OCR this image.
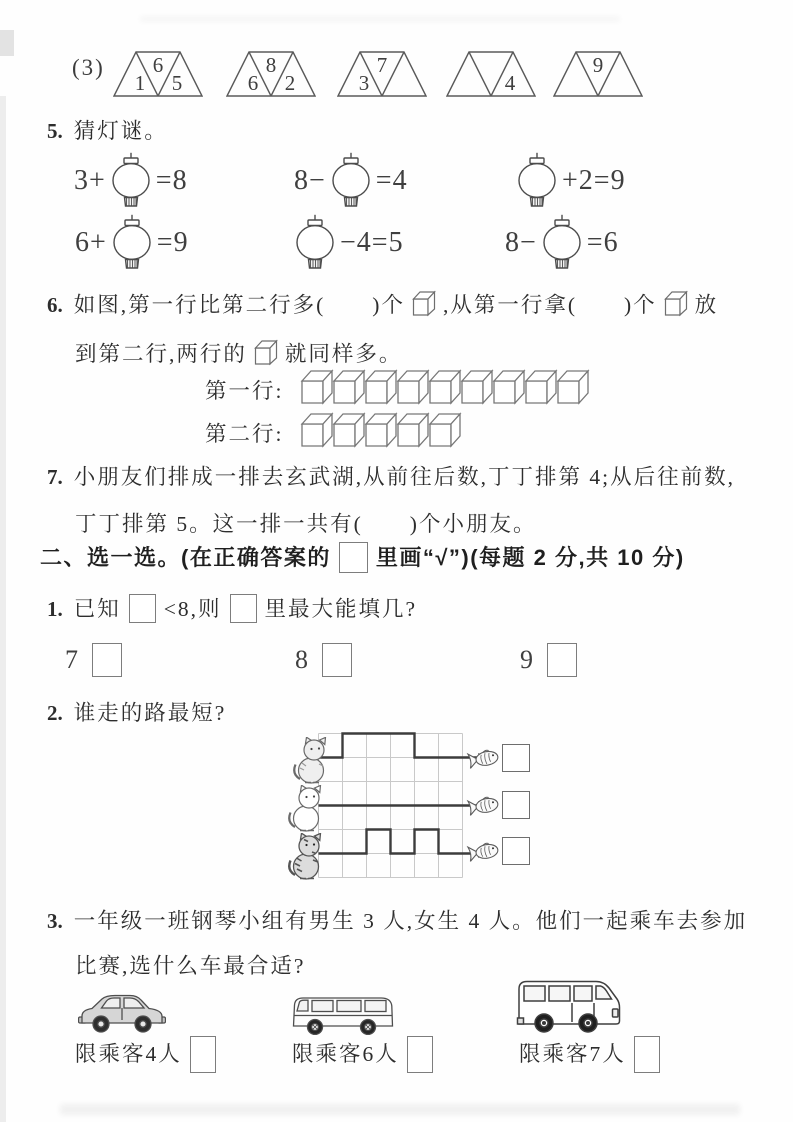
(3)
1
6
5	6
8
2	3
7
4
9
5. 猜灯谜。
3+ =8	8− =4	+2=9
6+ =9	−4=5	8− =6
6. 如图,第一行比第二行多(　　)个 ,从第一行拿(　　)个 放
到第二行,两行的 就同样多。
第一行:
第二行:
7. 小朋友们排成一排去玄武湖,从前往后数,丁丁排第 4;从后往前数,
丁丁排第 5。这一排一共有(　　)个小朋友。
二、选一选。(在正确答案的 里画“√”)(每题 2 分,共 10 分)
1. 已知 <8,则 里最大能填几?
7	8	9
2. 谁走的路最短?
3. 一年级一班钢琴小组有男生 3 人,女生 4 人。他们一起乘车去参加
比赛,选什么车最合适?
限乘客4人	限乘客6人	限乘客7人
